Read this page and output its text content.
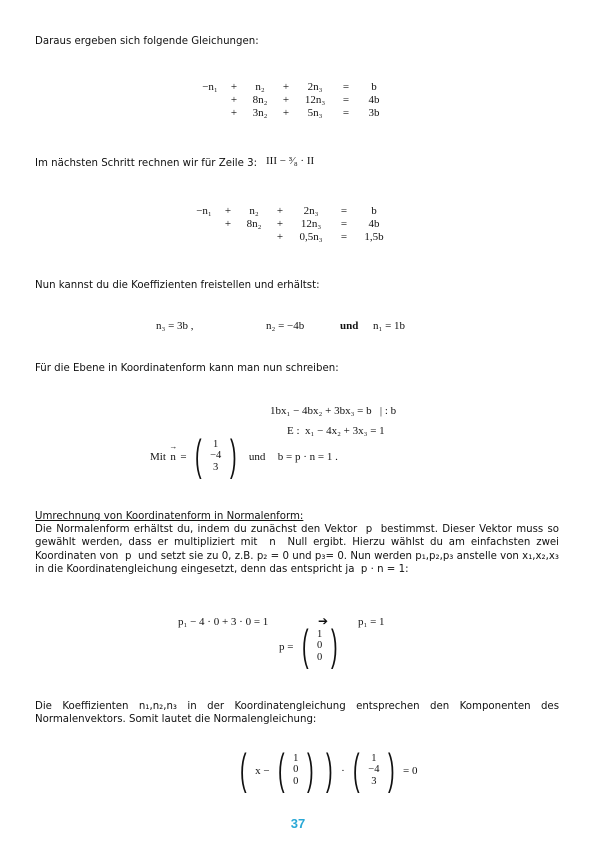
Daraus ergeben sich folgende Gleichungen:
−n₁	+	n₂	+	2n₃	=	b
	+	8n₂	+	12n₃	=	4b
	+	3n₂	+	5n₃	=	3b
Im nächsten Schritt rechnen wir für Zeile 3: III − ³⁄₈ · II
−n₁	+	n₂	+	2n₃	=	b
	+	8n₂	+	12n₃	=	4b
			+	0,5n₃	=	1,5b
Nun kannst du die Koeffizienten freistellen und erhältst:
n₃ = 3b ,	n₂ = −4b	und n₁ = 1b
Für die Ebene in Koordinatenform kann man nun schreiben:
1bx₁ − 4bx₂ + 3bx₃ = b   | : b
E :  x₁ − 4x₂ + 3x₃ = 1
Mit → n = ( 1
−4
3 ) und b = p · n = 1 .
Umrechnung von Koordinatenform in Normalenform:
Die Normalenform erhältst du, indem du zunächst den Vektor  p  bestimmst. Dieser Vektor muss so
gewählt werden, dass er multipliziert mit  n  Null ergibt. Hierzu wählst du am einfachsten zwei
Koordinaten von  p  und setzt sie zu 0, z.B. p₂ = 0 und p₃= 0. Nun werden p₁,p₂,p₃ anstelle von x₁,x₂,x₃
in die Koordinatengleichung eingesetzt, denn das entspricht ja  p · n = 1:
p₁ − 4 · 0 + 3 · 0 = 1	➔	p₁ = 1
p = ( 1
0
0 )
Die Koeffizienten n₁,n₂,n₃ in der Koordinatengleichung entsprechen den Komponenten des
Normalenvektors. Somit lautet die Normalengleichung:
( x − ( 1
0
0 ) ) · ( 1
−4
3 ) = 0
37
